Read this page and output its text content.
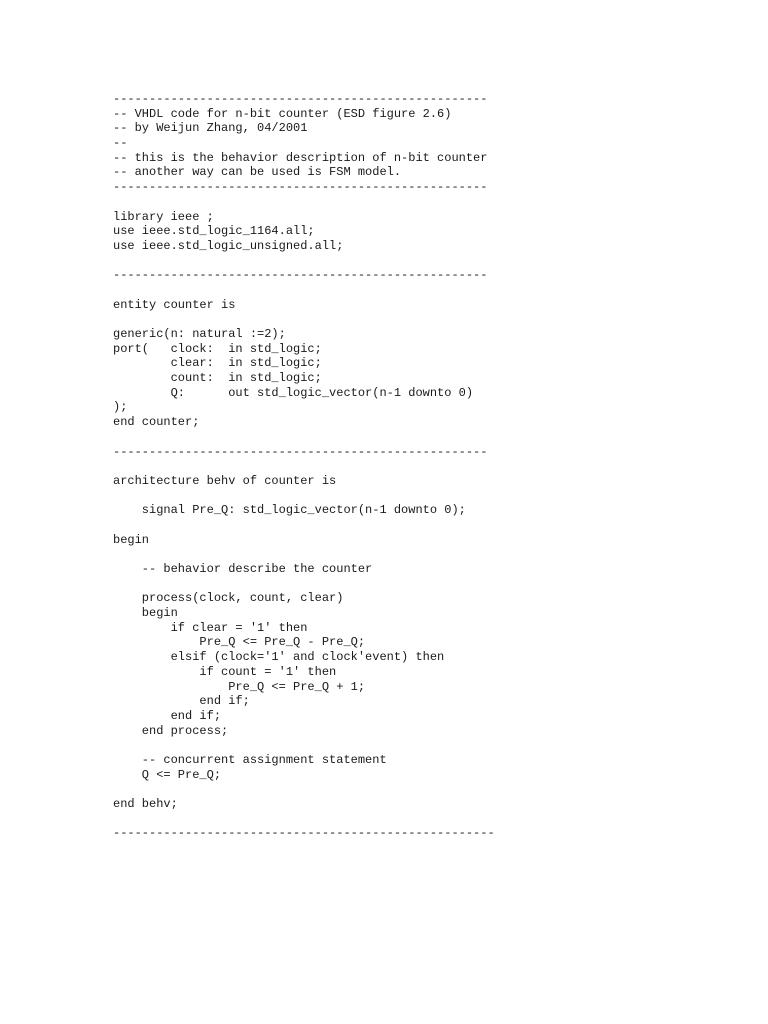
----------------------------------------------------
-- VHDL code for n-bit counter (ESD figure 2.6)
-- by Weijun Zhang, 04/2001
--
-- this is the behavior description of n-bit counter
-- another way can be used is FSM model.
----------------------------------------------------
library ieee ;
use ieee.std_logic_1164.all;
use ieee.std_logic_unsigned.all;
----------------------------------------------------
entity counter is
generic(n: natural :=2);
port(   clock:  in std_logic;
clear:  in std_logic;
count:  in std_logic;
Q:      out std_logic_vector(n-1 downto 0)
);
end counter;
----------------------------------------------------
architecture behv of counter is
signal Pre_Q: std_logic_vector(n-1 downto 0);
begin
-- behavior describe the counter
process(clock, count, clear)
begin
if clear = '1' then
Pre_Q <= Pre_Q - Pre_Q;
elsif (clock='1' and clock'event) then
if count = '1' then
Pre_Q <= Pre_Q + 1;
end if;
end if;
end process;
-- concurrent assignment statement
Q <= Pre_Q;
end behv;
-----------------------------------------------------
